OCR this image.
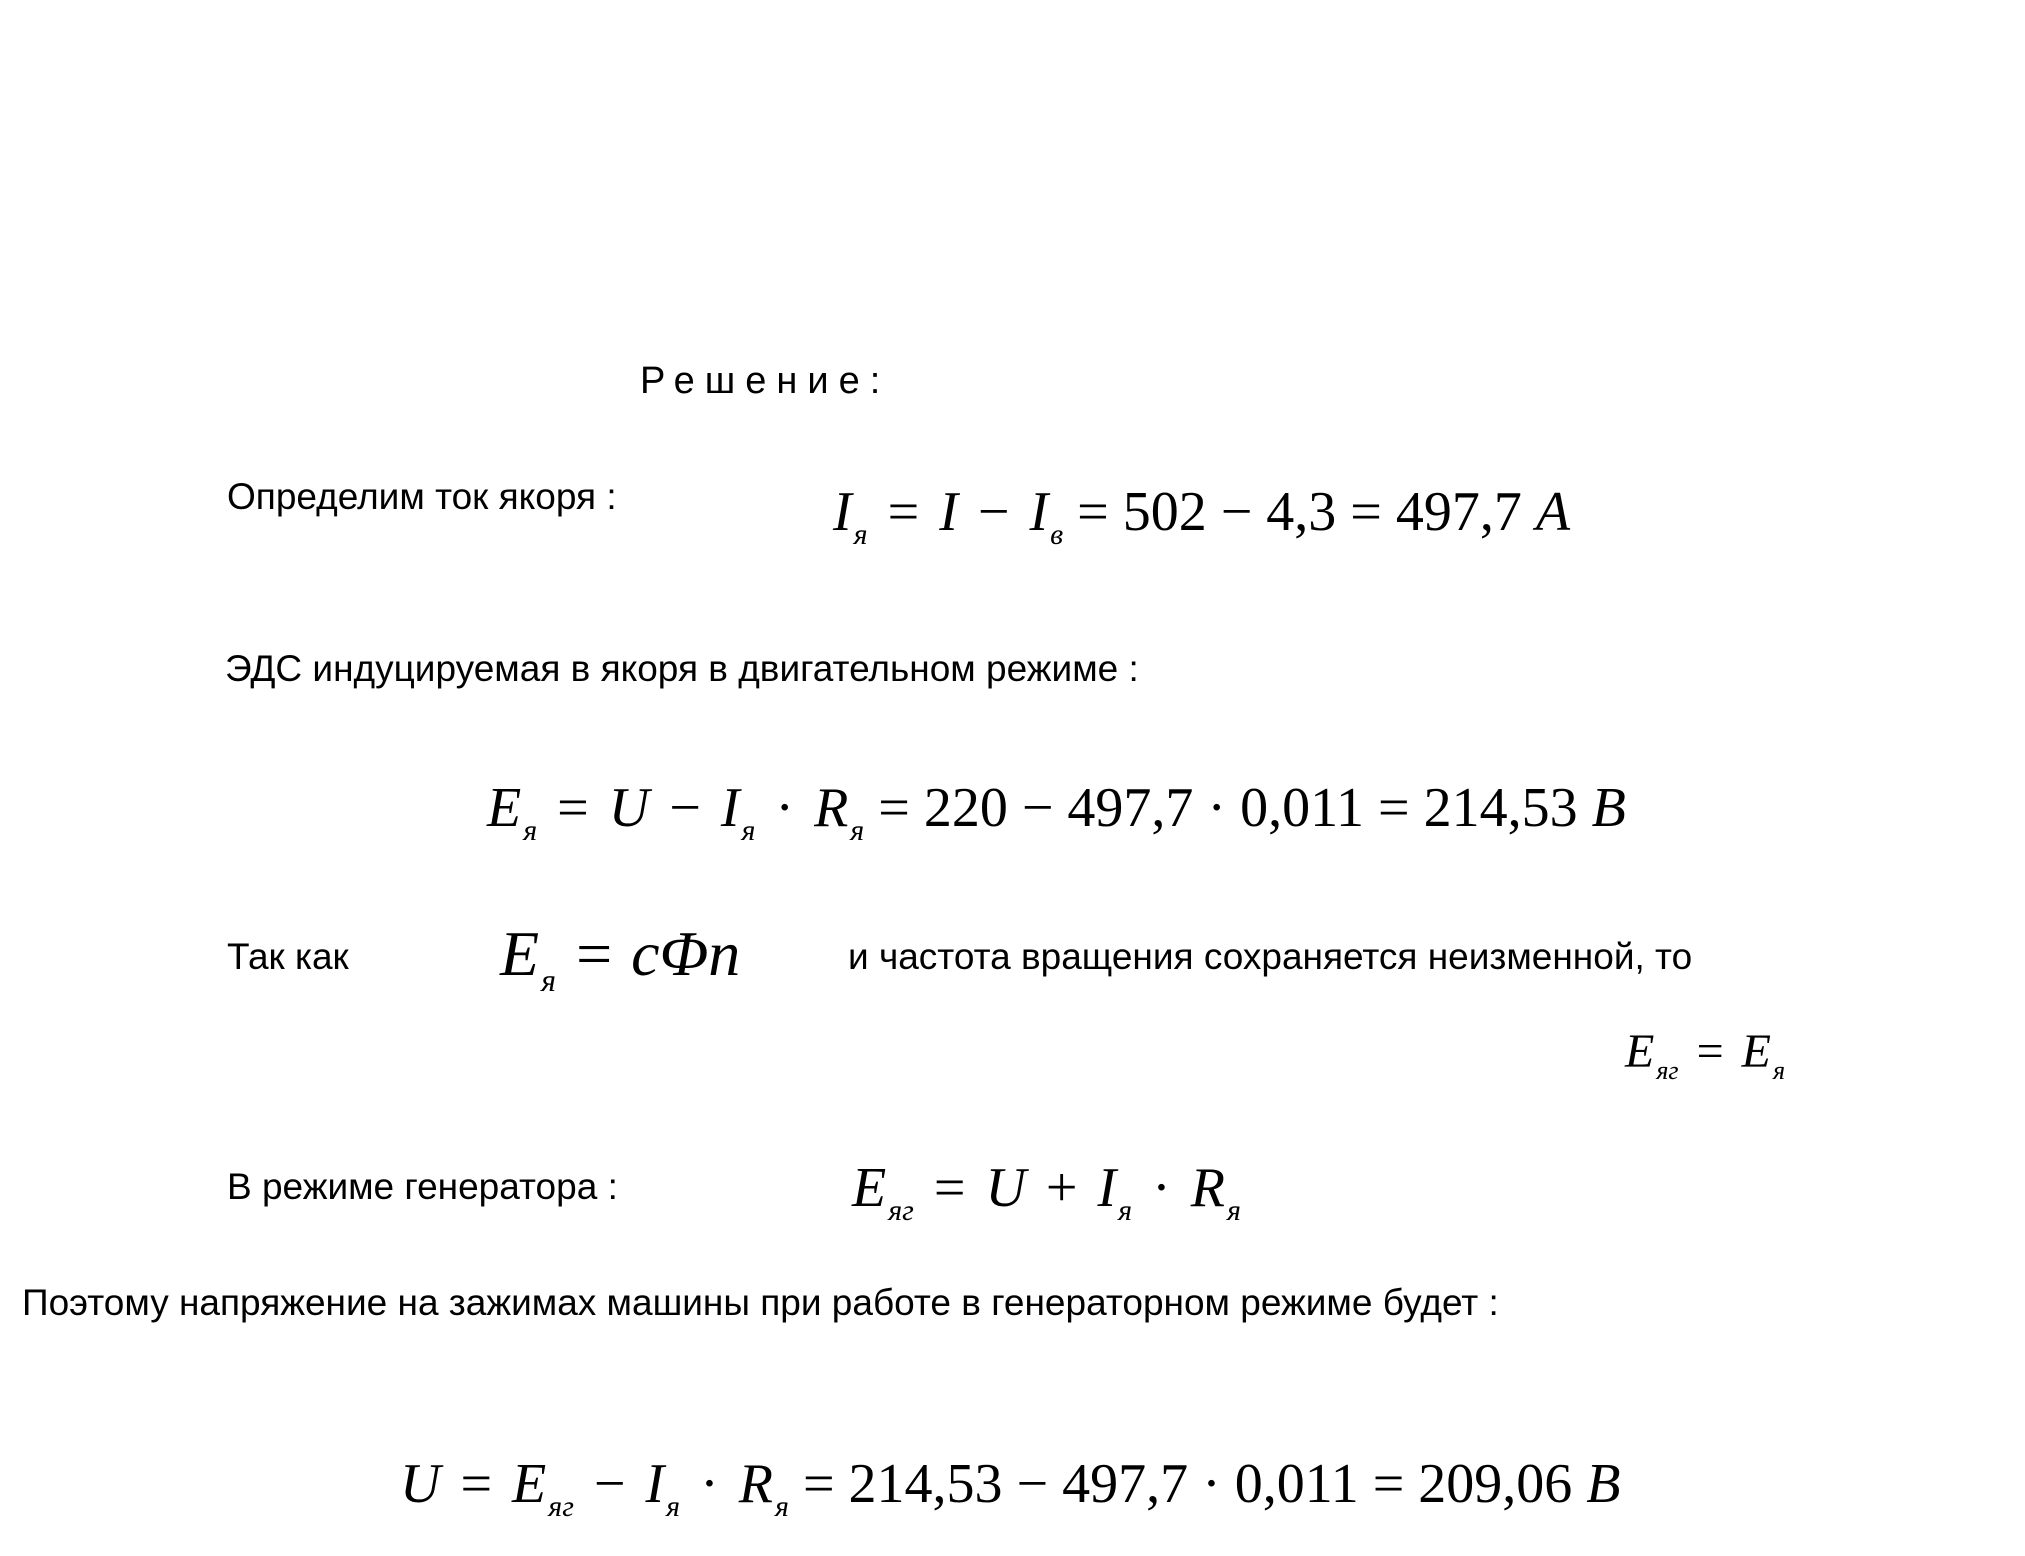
Решение:
Определим ток якоря :	$I_я = I - I_в = 502 - 4,3 = 497,7$ A
ЭДС индуцируемая в якоря в двигательном режиме :
$E_я = U - I_я \cdot R_я = 220 - 497,7 \cdot 0,011 = 214,53$ B
Так как $E_я = c\Phi n$	и частота вращения сохраняется неизменной, то
$E_{яг} = E_я$
В режиме генератора :	$E_{яг} = U + I_я \cdot R_я$
Поэтому напряжение на зажимах машины при работе в генераторном режиме будет :
$U = E_{яг} - I_я \cdot R_я = 214,53 - 497,7 \cdot 0,011 = 209,06$ B
